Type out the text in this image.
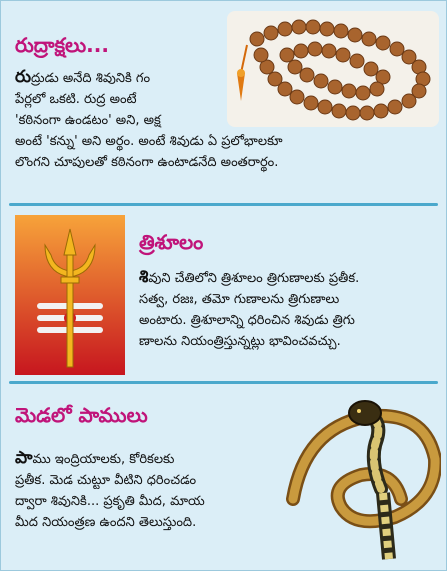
రుద్రాక్షలు...
రుద్రుడు అనేది శివునికి గం
పేర్లలో ఒకటి. రుద్ర అంటే
'కఠినంగా ఉండటం' అని, అక్ష
అంటే 'కన్ను' అని అర్థం. అంటే శివుడు ఏ ప్రలోభాలకూ
లొంగని చూపులతో కఠినంగా ఉంటాడనేది అంతరార్థం.
త్రిశూలం
శివుని చేతిలోని త్రిశూలం త్రిగుణాలకు ప్రతీక.
సత్వ, రజః, తమో గుణాలను త్రిగుణాలు
అంటారు. త్రిశూలాన్ని ధరించిన శివుడు త్రిగు
ణాలను నియంత్రిస్తున్నట్లు భావించవచ్చు.
మెడలో పాములు
పాము ఇంద్రియాలకు, కోరికలకు
ప్రతీక. మెడ చుట్టూ వీటిని ధరించడం
ద్వారా శివునికి... ప్రకృతి మీద, మాయ
మీద నియంత్రణ ఉందని తెలుస్తుంది.
